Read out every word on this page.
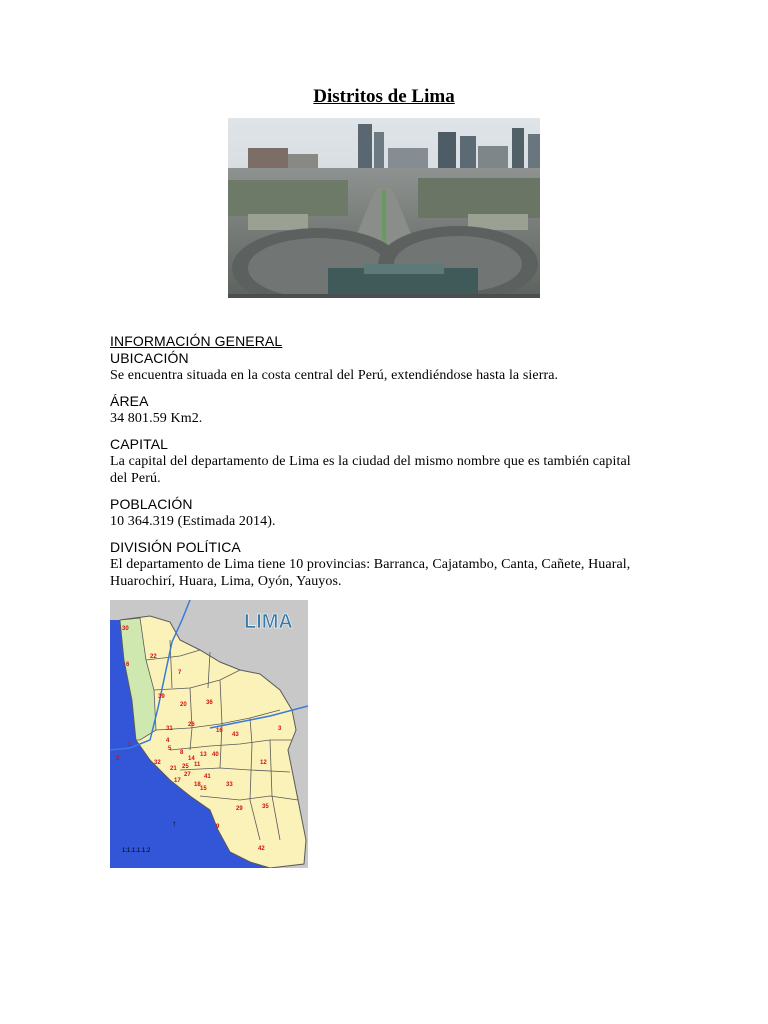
Distritos de Lima
INFORMACIÓN GENERAL
UBICACIÓN
Se encuentra situada en la costa central del Perú, extendiéndose hasta la sierra.
ÁREA
34 801.59 Km2.
CAPITAL
La capital del departamento de Lima es la ciudad del mismo nombre que es también capital del Perú.
POBLACIÓN
10 364.319 (Estimada 2014).
DIVISIÓN POLÍTICA
El departamento de Lima tiene 10 provincias: Barranca, Cajatambo, Canta, Cañete, Huaral, Huarochirí, Huara, Lima, Oyón, Yauyos.
LIMA
30
6
22
7
39
20	36
31
26
16
43
3
1
4
5
8
14
13 40
12
2
32
21 25 11
27 41
17
18
15
33
29	35
9
42
↑
1:1.1.1.1.2
